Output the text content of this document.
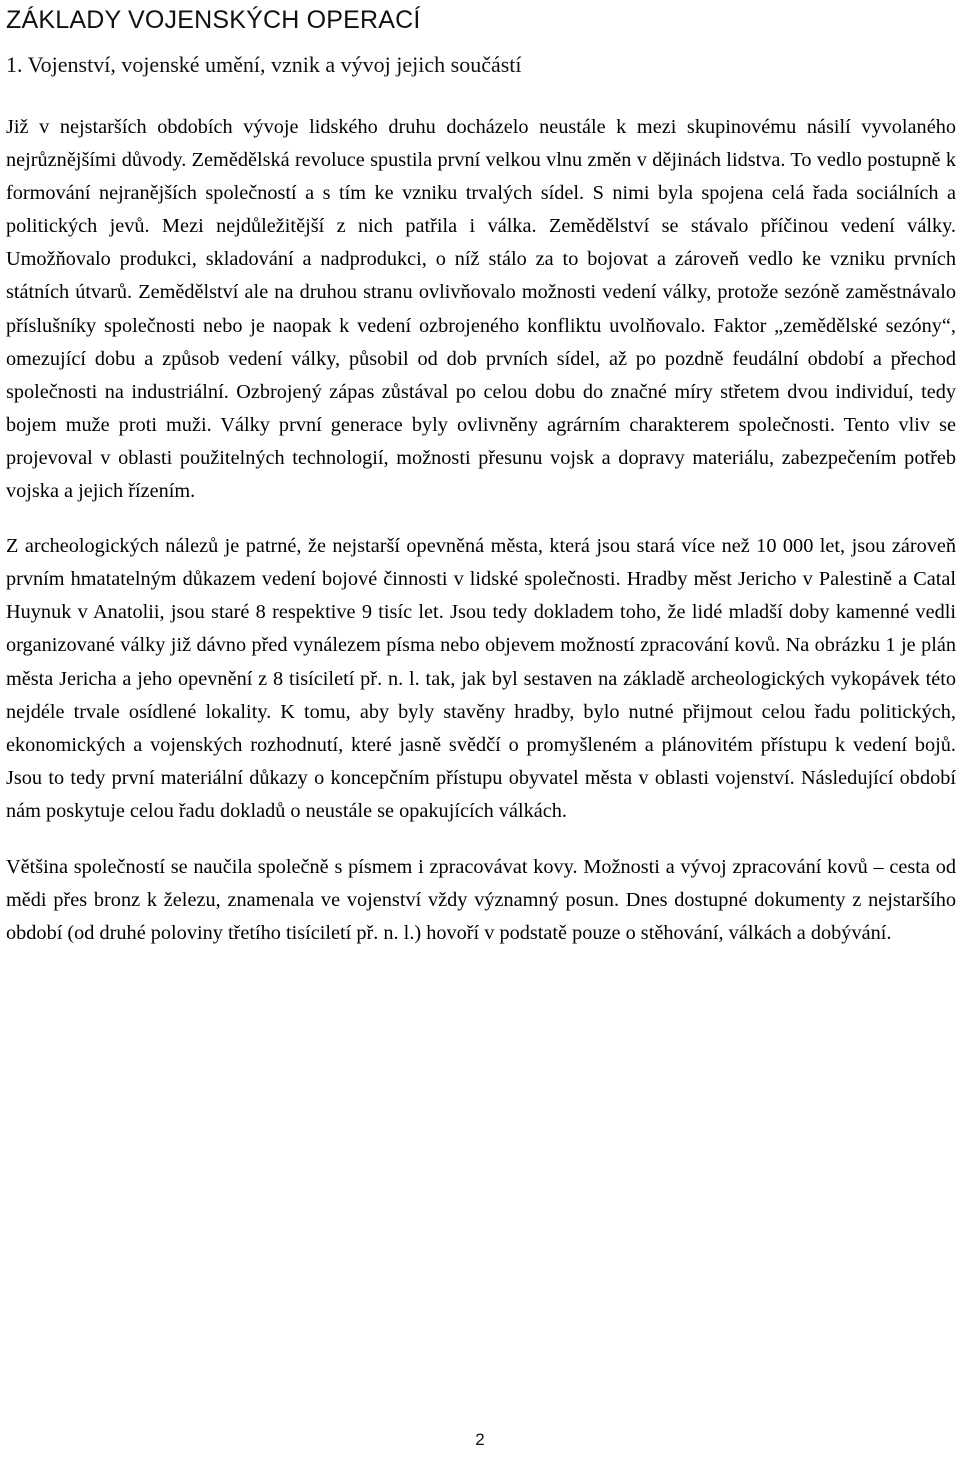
ZÁKLADY VOJENSKÝCH OPERACÍ
1. Vojenství, vojenské umění, vznik a vývoj jejich součástí

Již v nejstarších obdobích vývoje lidského druhu docházelo neustále k mezi skupinovému násilí vyvolaného nejrůznějšími důvody. Zemědělská revoluce spustila první velkou vlnu změn v dějinách lidstva. To vedlo postupně k formování nejranějších společností a s tím ke vzniku trvalých sídel. S nimi byla spojena celá řada sociálních a politických jevů. Mezi nejdůležitější z nich patřila i válka. Zemědělství se stávalo příčinou vedení války. Umožňovalo produkci, skladování a nadprodukci, o níž stálo za to bojovat a zároveň vedlo ke vzniku prvních státních útvarů. Zemědělství ale na druhou stranu ovlivňovalo možnosti vedení války, protože sezóně zaměstnávalo příslušníky společnosti nebo je naopak k vedení ozbrojeného konfliktu uvolňovalo. Faktor „zemědělské sezóny“, omezující dobu a způsob vedení války, působil od dob prvních sídel, až po pozdně feudální období a přechod společnosti na industriální. Ozbrojený zápas zůstával po celou dobu do značné míry střetem dvou individuí, tedy bojem muže proti muži. Války první generace byly ovlivněny agrárním charakterem společnosti. Tento vliv se projevoval v oblasti použitelných technologií, možnosti přesunu vojsk a dopravy materiálu, zabezpečením potřeb vojska a jejich řízením.

Z archeologických nálezů je patrné, že nejstarší opevněná města, která jsou stará více než 10 000 let, jsou zároveň prvním hmatatelným důkazem vedení bojové činnosti v lidské společnosti. Hradby měst Jericho v Palestině a Catal Huynuk v Anatolii, jsou staré 8 respektive 9 tisíc let. Jsou tedy dokladem toho, že lidé mladší doby kamenné vedli organizované války již dávno před vynálezem písma nebo objevem možností zpracování kovů. Na obrázku 1 je plán města Jericha a jeho opevnění z 8 tisíciletí př. n. l. tak, jak byl sestaven na základě archeologických vykopávek této nejdéle trvale osídlené lokality. K tomu, aby byly stavěny hradby, bylo nutné přijmout celou řadu politických, ekonomických a vojenských rozhodnutí, které jasně svědčí o promyšleném a plánovitém přístupu k vedení bojů. Jsou to tedy první materiální důkazy o koncepčním přístupu obyvatel města v oblasti vojenství. Následující období nám poskytuje celou řadu dokladů o neustále se opakujících válkách.

Většina společností se naučila společně s písmem i zpracovávat kovy. Možnosti a vývoj zpracování kovů – cesta od mědi přes bronz k železu, znamenala ve vojenství vždy významný posun. Dnes dostupné dokumenty z nejstaršího období (od druhé poloviny třetího tisíciletí př. n. l.) hovoří v podstatě pouze o stěhování, válkách a dobývání.

2
